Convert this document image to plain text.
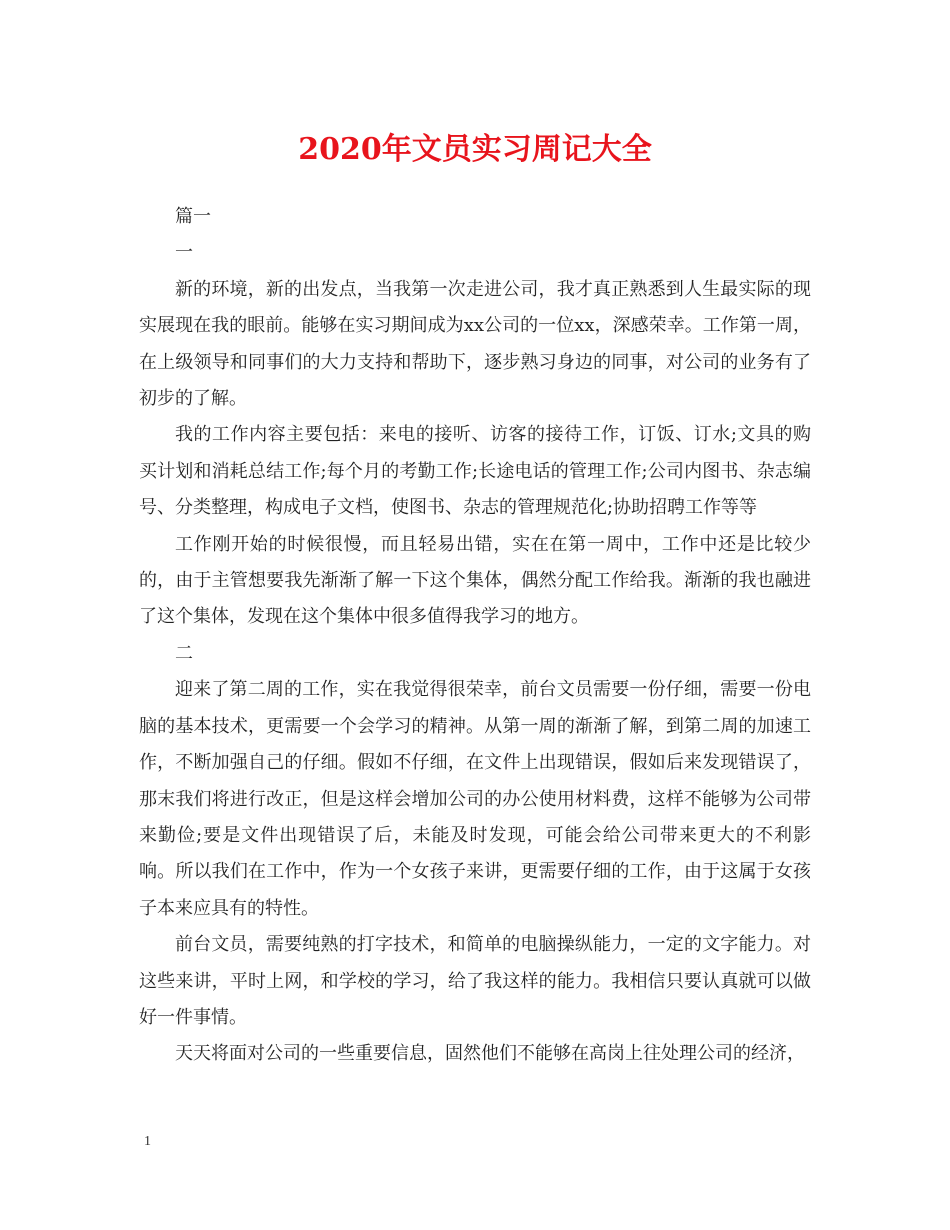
2020年文员实习周记大全

篇一

一

新的环境，新的出发点，当我第一次走进公司，我才真正熟悉到人生最实际的现实展现在我的眼前。能够在实习期间成为xx公司的一位xx，深感荣幸。工作第一周，在上级领导和同事们的大力支持和帮助下，逐步熟习身边的同事，对公司的业务有了初步的了解。

我的工作内容主要包括：来电的接听、访客的接待工作，订饭、订水;文具的购买计划和消耗总结工作;每个月的考勤工作;长途电话的管理工作;公司内图书、杂志编号、分类整理，构成电子文档，使图书、杂志的管理规范化;协助招聘工作等等

工作刚开始的时候很慢，而且轻易出错，实在在第一周中，工作中还是比较少的，由于主管想要我先渐渐了解一下这个集体，偶然分配工作给我。渐渐的我也融进了这个集体，发现在这个集体中很多值得我学习的地方。

二

迎来了第二周的工作，实在我觉得很荣幸，前台文员需要一份仔细，需要一份电脑的基本技术，更需要一个会学习的精神。从第一周的渐渐了解，到第二周的加速工作，不断加强自己的仔细。假如不仔细，在文件上出现错误，假如后来发现错误了，那末我们将进行改正，但是这样会增加公司的办公使用材料费，这样不能够为公司带来勤俭;要是文件出现错误了后，未能及时发现，可能会给公司带来更大的不利影响。所以我们在工作中，作为一个女孩子来讲，更需要仔细的工作，由于这属于女孩子本来应具有的特性。

前台文员，需要纯熟的打字技术，和简单的电脑操纵能力，一定的文字能力。对这些来讲，平时上网，和学校的学习，给了我这样的能力。我相信只要认真就可以做好一件事情。

天天将面对公司的一些重要信息，固然他们不能够在高岗上往处理公司的经济，

1
